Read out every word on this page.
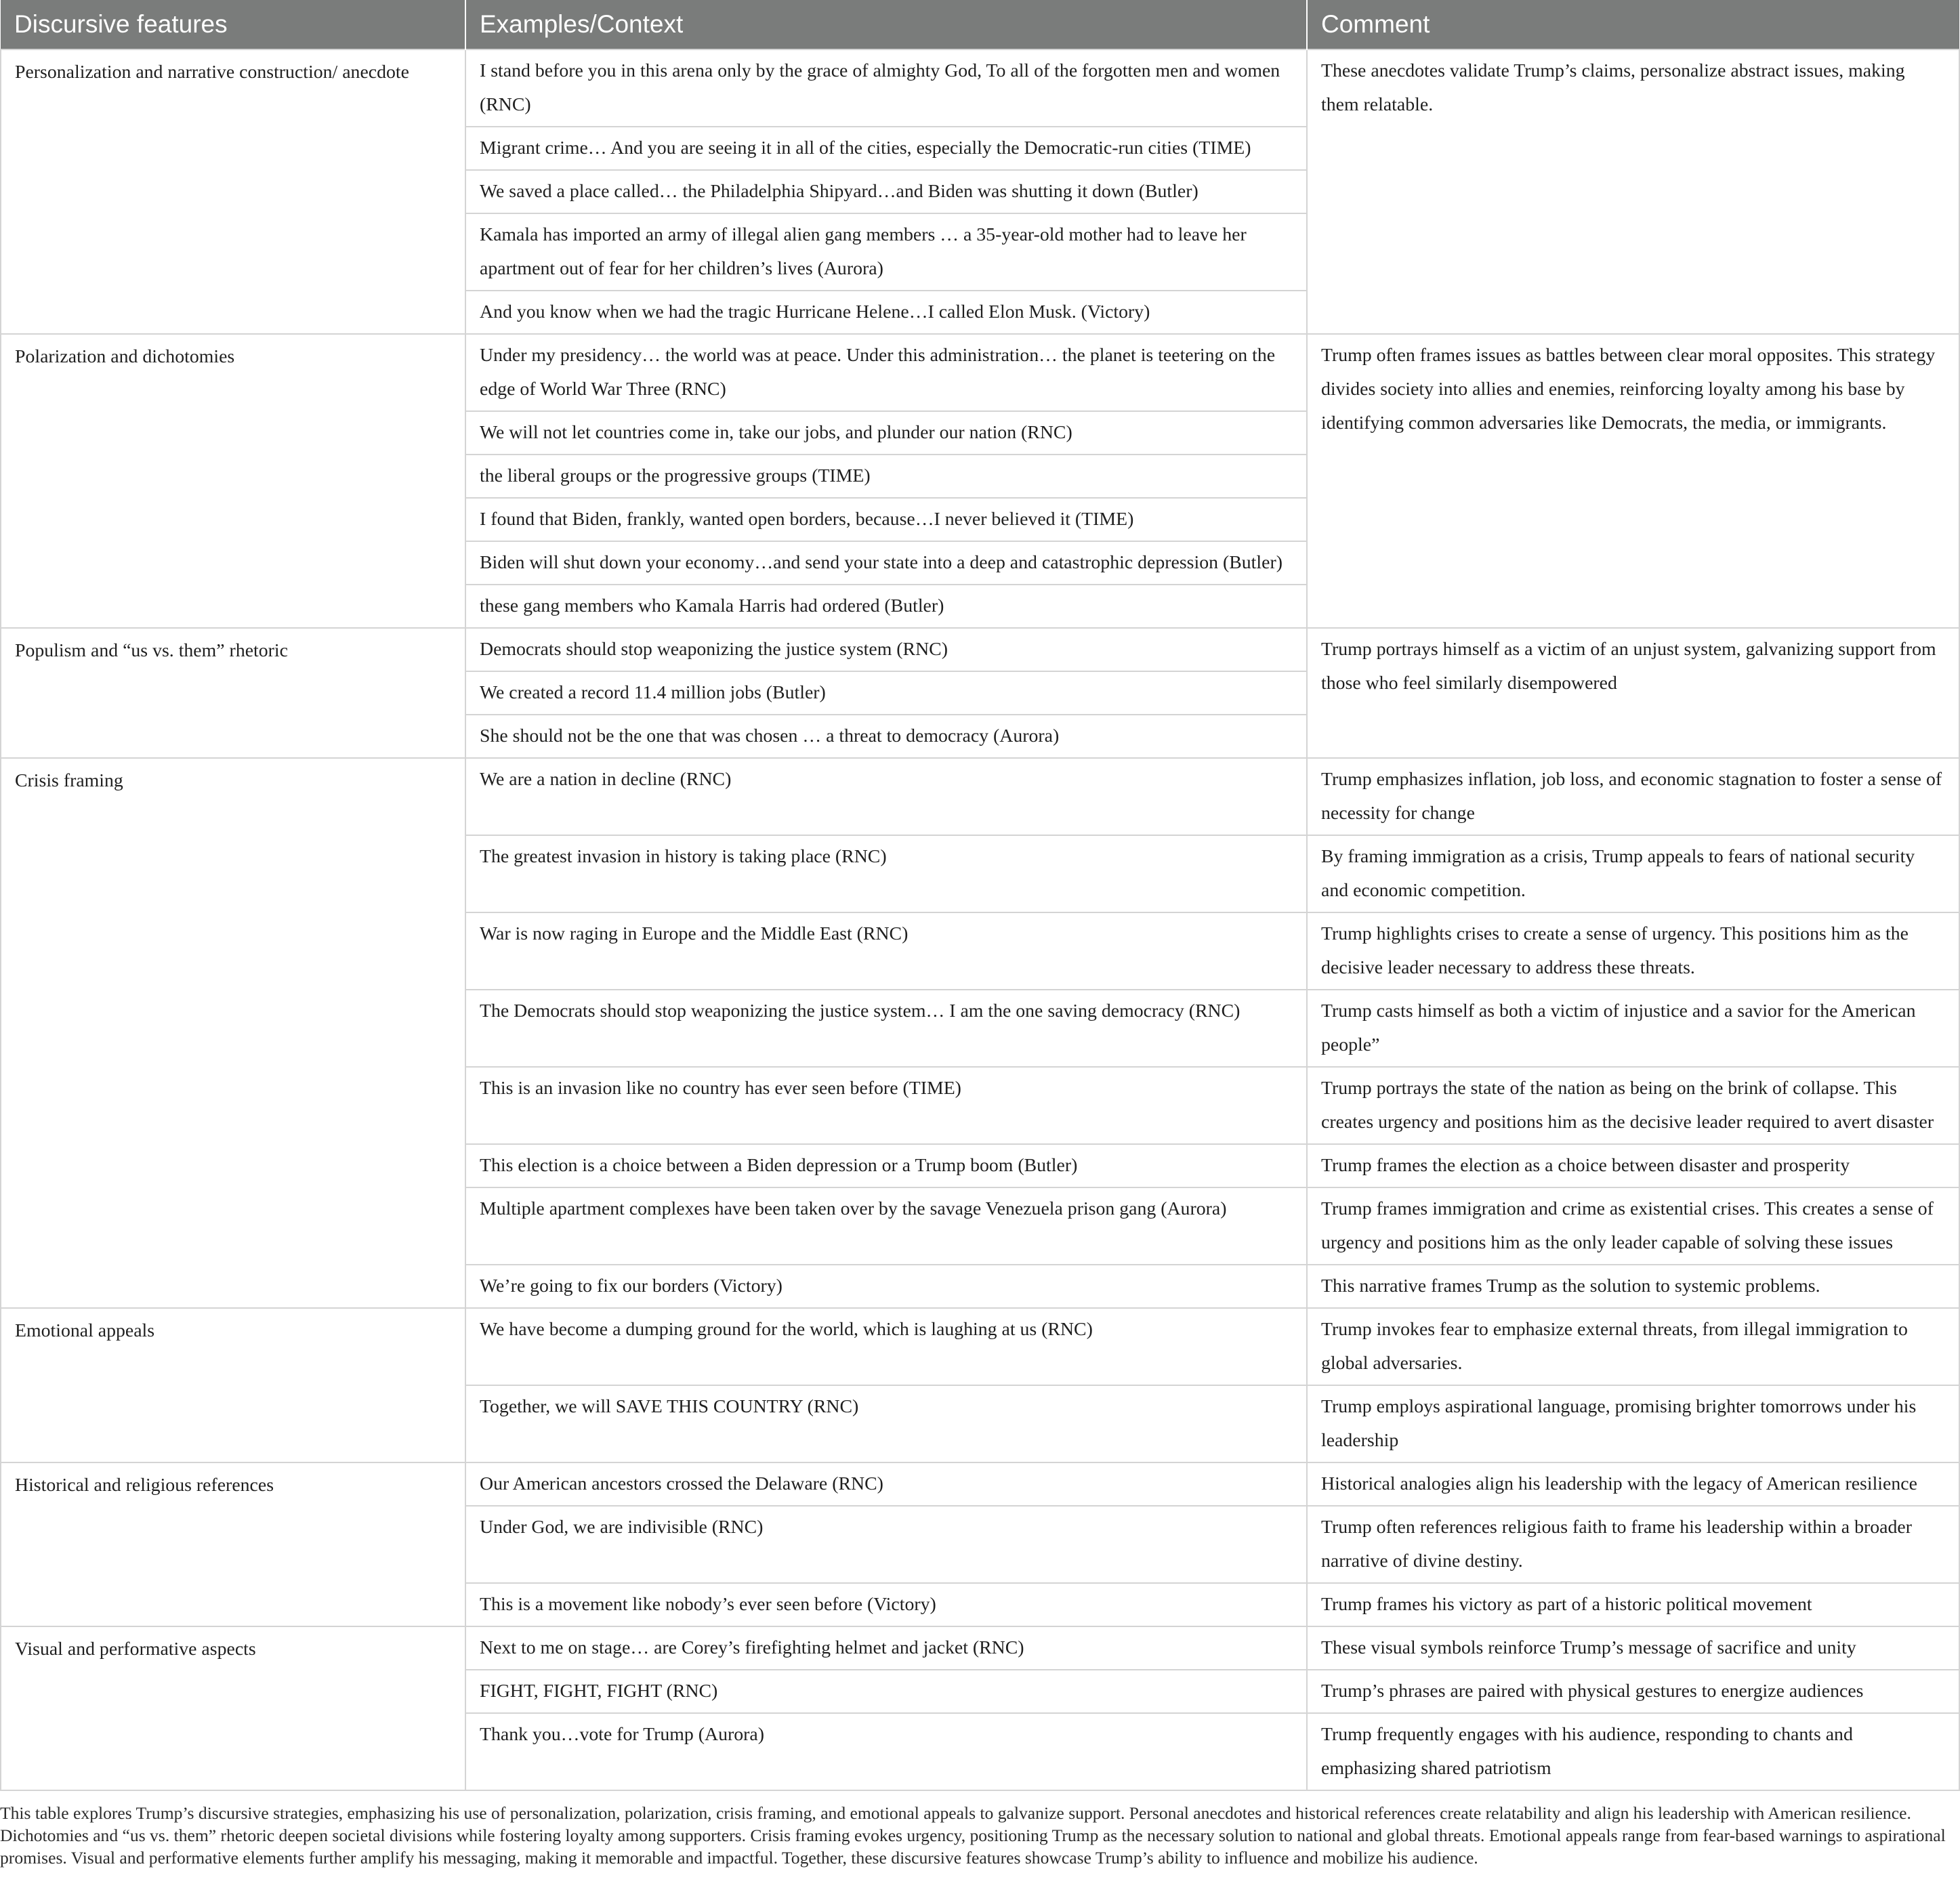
Discursive features	Examples/Context	Comment
Personalization and narrative construction/ anecdote	I stand before you in this arena only by the grace of almighty God, To all of the forgotten men and women (RNC)	These anecdotes validate Trump’s claims, personalize abstract issues, making them relatable.
	Migrant crime… And you are seeing it in all of the cities, especially the Democratic-run cities (TIME)	
	We saved a place called… the Philadelphia Shipyard…and Biden was shutting it down (Butler)	
	Kamala has imported an army of illegal alien gang members … a 35-year-old mother had to leave her apartment out of fear for her children’s lives (Aurora)	
	And you know when we had the tragic Hurricane Helene…I called Elon Musk. (Victory)	
Polarization and dichotomies	Under my presidency… the world was at peace. Under this administration… the planet is teetering on the edge of World War Three (RNC)	Trump often frames issues as battles between clear moral opposites. This strategy divides society into allies and enemies, reinforcing loyalty among his base by identifying common adversaries like Democrats, the media, or immigrants.
	We will not let countries come in, take our jobs, and plunder our nation (RNC)	
	the liberal groups or the progressive groups (TIME)	
	I found that Biden, frankly, wanted open borders, because…I never believed it (TIME)	
	Biden will shut down your economy…and send your state into a deep and catastrophic depression (Butler)	
	these gang members who Kamala Harris had ordered (Butler)	
Populism and “us vs. them” rhetoric	Democrats should stop weaponizing the justice system (RNC)	Trump portrays himself as a victim of an unjust system, galvanizing support from those who feel similarly disempowered
	We created a record 11.4 million jobs (Butler)	
	She should not be the one that was chosen … a threat to democracy (Aurora)	
Crisis framing	We are a nation in decline (RNC)	Trump emphasizes inflation, job loss, and economic stagnation to foster a sense of necessity for change
	The greatest invasion in history is taking place (RNC)	By framing immigration as a crisis, Trump appeals to fears of national security and economic competition.
	War is now raging in Europe and the Middle East (RNC)	Trump highlights crises to create a sense of urgency. This positions him as the decisive leader necessary to address these threats.
	The Democrats should stop weaponizing the justice system… I am the one saving democracy (RNC)	Trump casts himself as both a victim of injustice and a savior for the American people”
	This is an invasion like no country has ever seen before (TIME)	Trump portrays the state of the nation as being on the brink of collapse. This creates urgency and positions him as the decisive leader required to avert disaster
	This election is a choice between a Biden depression or a Trump boom (Butler)	Trump frames the election as a choice between disaster and prosperity
	Multiple apartment complexes have been taken over by the savage Venezuela prison gang (Aurora)	Trump frames immigration and crime as existential crises. This creates a sense of urgency and positions him as the only leader capable of solving these issues
	We’re going to fix our borders (Victory)	This narrative frames Trump as the solution to systemic problems.
Emotional appeals	We have become a dumping ground for the world, which is laughing at us (RNC)	Trump invokes fear to emphasize external threats, from illegal immigration to global adversaries.
	Together, we will SAVE THIS COUNTRY (RNC)	Trump employs aspirational language, promising brighter tomorrows under his leadership
Historical and religious references	Our American ancestors crossed the Delaware (RNC)	Historical analogies align his leadership with the legacy of American resilience
	Under God, we are indivisible (RNC)	Trump often references religious faith to frame his leadership within a broader narrative of divine destiny.
	This is a movement like nobody’s ever seen before (Victory)	Trump frames his victory as part of a historic political movement
Visual and performative aspects	Next to me on stage… are Corey’s firefighting helmet and jacket (RNC)	These visual symbols reinforce Trump’s message of sacrifice and unity
	FIGHT, FIGHT, FIGHT (RNC)	Trump’s phrases are paired with physical gestures to energize audiences
	Thank you…vote for Trump (Aurora)	Trump frequently engages with his audience, responding to chants and emphasizing shared patriotism

This table explores Trump’s discursive strategies, emphasizing his use of personalization, polarization, crisis framing, and emotional appeals to galvanize support. Personal anecdotes and historical references create relatability and align his leadership with American resilience. Dichotomies and “us vs. them” rhetoric deepen societal divisions while fostering loyalty among supporters. Crisis framing evokes urgency, positioning Trump as the necessary solution to national and global threats. Emotional appeals range from fear-based warnings to aspirational promises. Visual and performative elements further amplify his messaging, making it memorable and impactful. Together, these discursive features showcase Trump’s ability to influence and mobilize his audience.
